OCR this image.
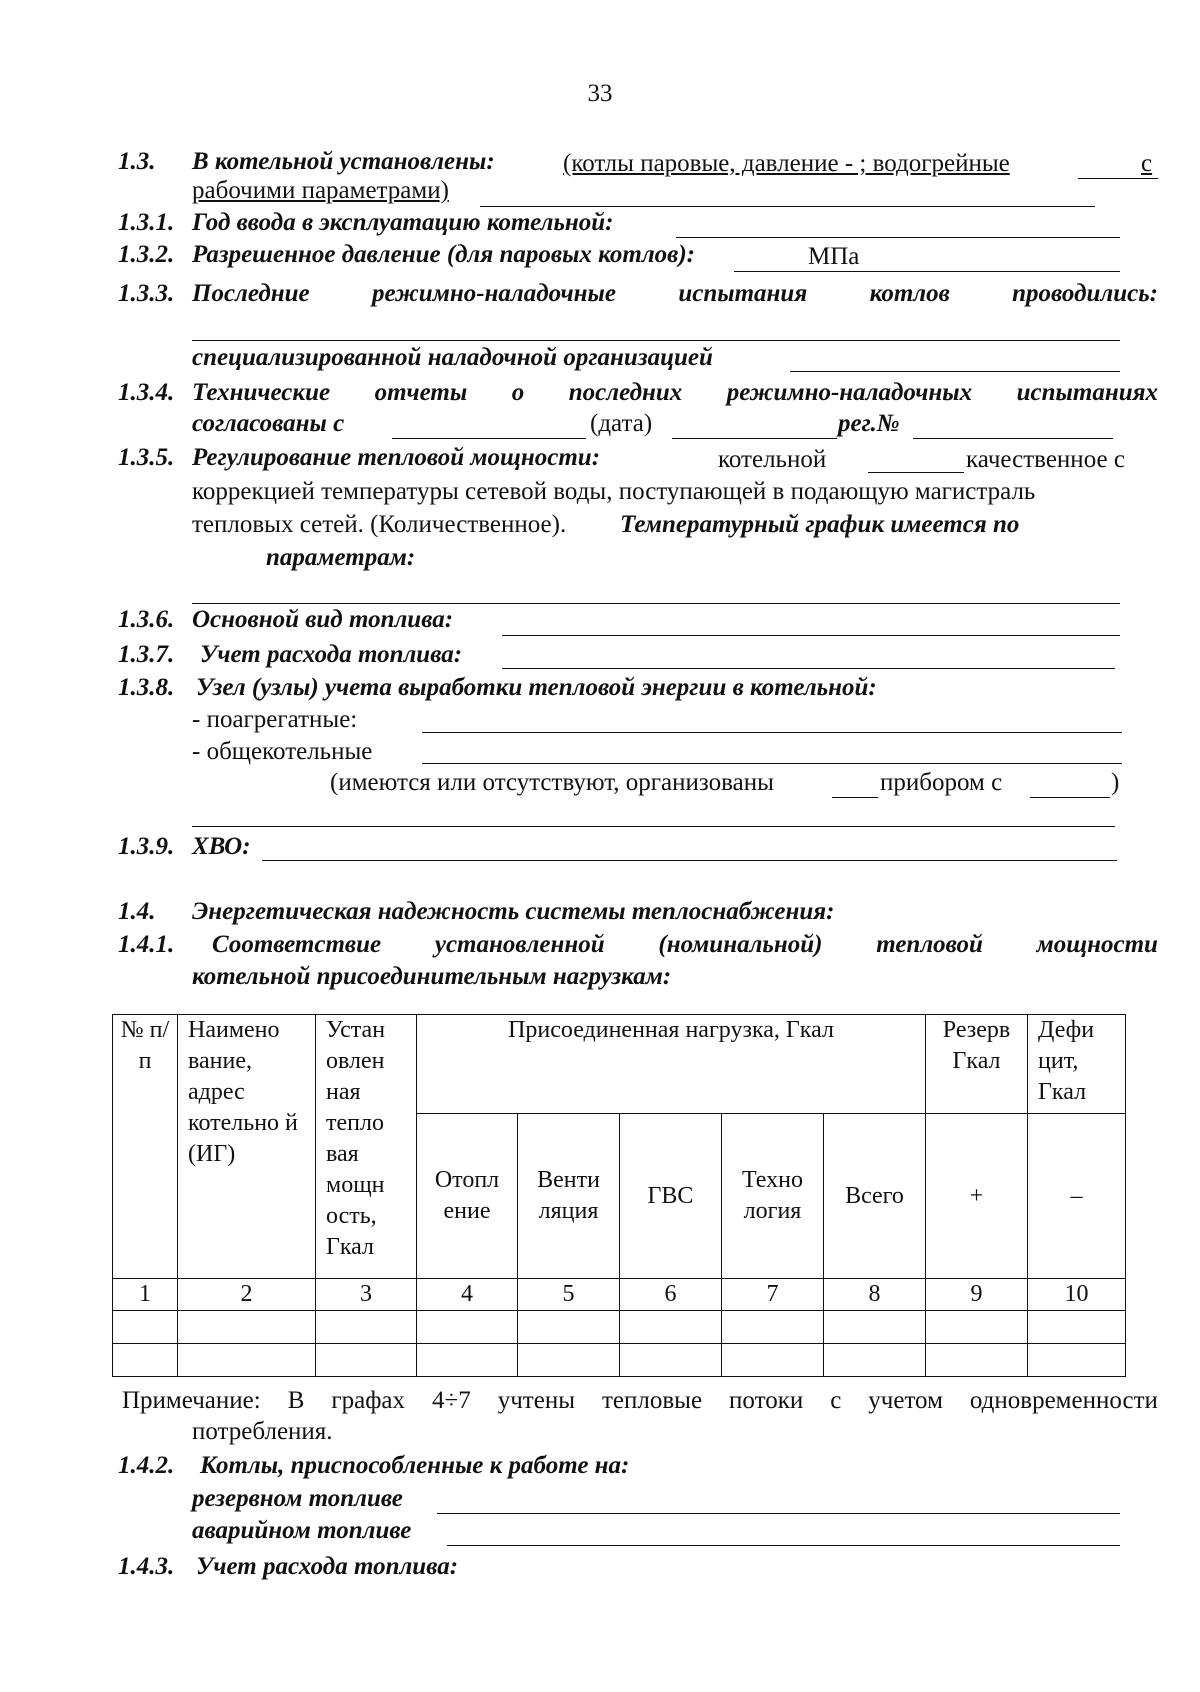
33
1.3. В котельной установлены:	(котлы паровые, давление - ; водогрейные	с
рабочими параметрами)
1.3.1. Год ввода в эксплуатацию котельной:
1.3.2. Разрешенное давление (для паровых котлов):	МПа
1.3.3. Последние режимно-наладочные испытания котлов проводились:
специализированной наладочной организацией
1.3.4. Технические отчеты о последних режимно-наладочных испытаниях
согласованы с	(дата)	рег.№
1.3.5. Регулирование тепловой мощности:	котельной	качественное с
коррекцией температуры сетевой воды, поступающей в подающую магистраль
тепловых сетей. (Количественное). Температурный график имеется по
параметрам:
1.3.6. Основной вид топлива:
1.3.7. Учет расхода топлива:
1.3.8. Узел (узлы) учета выработки тепловой энергии в котельной:
- поагрегатные:
- общекотельные
(имеются или отсутствуют, организованы	прибором с	)
1.3.9. ХВО:
1.4. Энергетическая надежность системы теплоснабжения:
1.4.1. Соответствие установленной (номинальной) тепловой мощности
котельной присоединительным нагрузкам:
№ п/п	Наимено вание, адрес котельно й (ИГ)	Устан овлен ная тепло вая мощн ость, Гкал	Присоединенная нагрузка, Гкал					Резерв Гкал	Дефи цит, Гкал
			Отопл ение	Венти ляция	ГВС	Техно логия	Всего	+	–
1	2	3	4	5	6	7	8	9	10

Примечание: В графах 4÷7 учтены тепловые потоки с учетом одновременности
потребления.
1.4.2. Котлы, приспособленные к работе на:
резервном топливе
аварийном топливе
1.4.3. Учет расхода топлива:
